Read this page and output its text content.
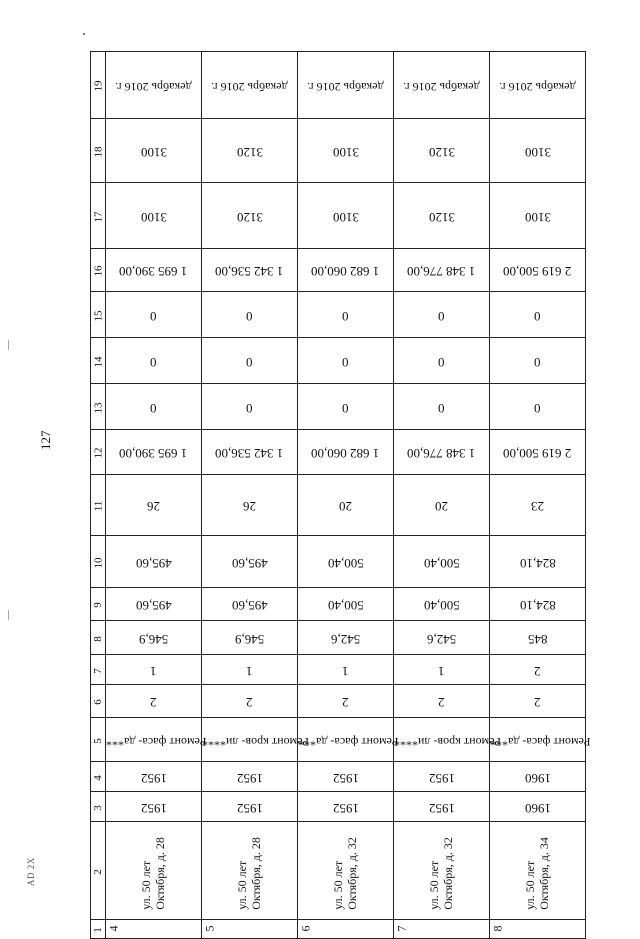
127
AD 2X
19	декабрь 2016 г.	декабрь 2016 г.	декабрь 2016 г.	декабрь 2016 г.	декабрь 2016 г.
18	3100	3120	3100	3120	3100
17	3100	3120	3100	3120	3100
16	1 695 390,00	1 342 536,00	1 682 060,00	1 348 776,00	2 619 500,00
15	0	0	0	0	0
14	0	0	0	0	0
13	0	0	0	0	0
12	1 695 390,00	1 342 536,00	1 682 060,00	1 348 776,00	2 619 500,00
11	26	26	20	20	23
10	495,60	495,60	500,40	500,40	824,10
9	495,60	495,60	500,40	500,40	824,10
8	546,9	546,9	542,6	542,6	845
7	1	1	1	1	2
6	2	2	2	2	2
5	Ремонт фаса- да***	Ремонт кров- ли****	Ремонт фаса- да***	Ремонт кров- ли****	Ремонт фаса- да***
4	1952	1952	1952	1952	1960
3	1952	1952	1952	1952	1960
2	ул. 50 лет Октября, д. 28	ул. 50 лет Октября, д. 28	ул. 50 лет Октября, д. 32	ул. 50 лет Октября, д. 32	ул. 50 лет Октября, д. 34
1	4	5	6	7	8
